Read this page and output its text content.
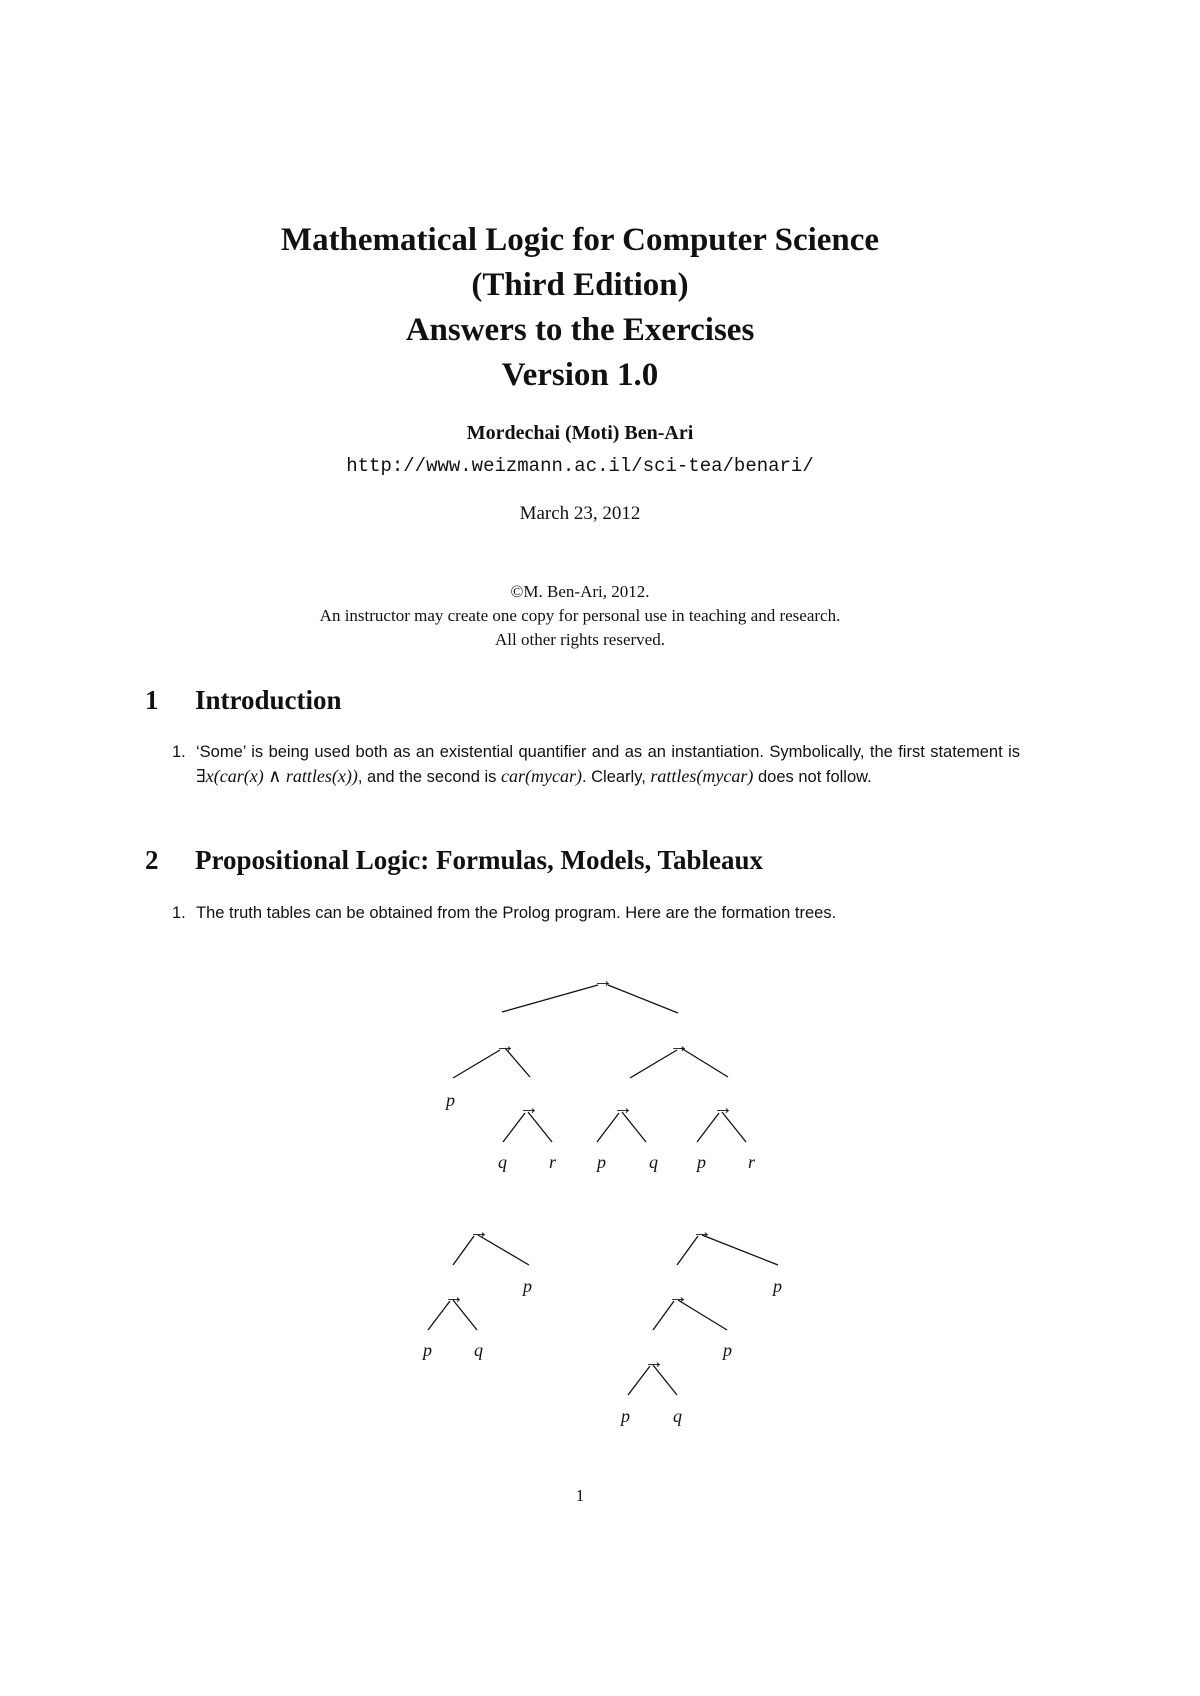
Mathematical Logic for Computer Science
(Third Edition)
Answers to the Exercises
Version 1.0
Mordechai (Moti) Ben-Ari
http://www.weizmann.ac.il/sci-tea/benari/
March 23, 2012
©M. Ben-Ari, 2012.
An instructor may create one copy for personal use in teaching and research.
All other rights reserved.
1 Introduction
1. ‘Some’ is being used both as an existential quantifier and as an instantiation. Symbolically, the first statement is ∃x(car(x) ∧ rattles(x)), and the second is car(mycar). Clearly, rattles(mycar) does not follow.
2 Propositional Logic: Formulas, Models, Tableaux
1. The truth tables can be obtained from the Prolog program. Here are the formation trees.
→
→	→
→	→	→
p
q r p q p r
→
→	p
p q
→
→
→
p
p
p q
1
